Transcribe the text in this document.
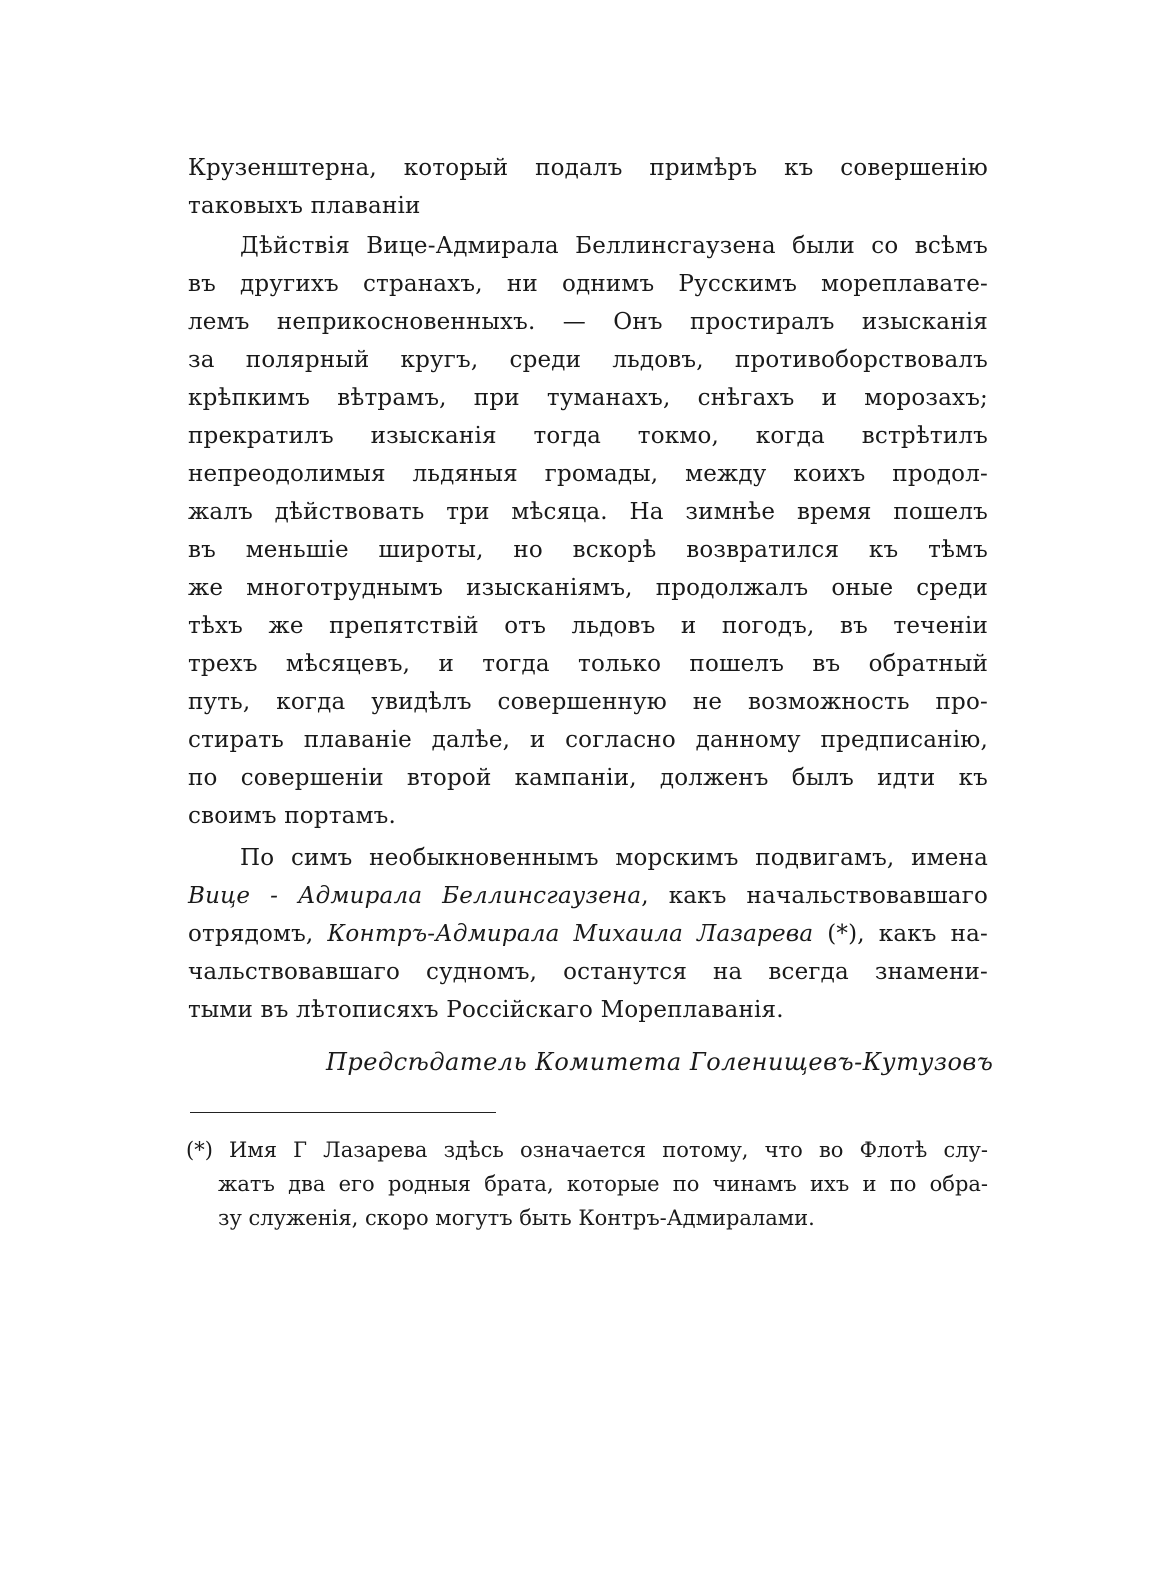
Крузенштерна, который подалъ примѣръ къ совершенію
таковыхъ плаванiи
Дѣйствiя Вице-Адмирала Беллинсгаузена были со всѣмъ
въ другихъ странахъ, ни однимъ Русскимъ мореплавате-
лемъ неприкосновенныхъ. — Онъ простиралъ изысканiя
за полярный кругъ, среди льдовъ, противоборствовалъ
крѣпкимъ вѣтрамъ, при туманахъ, снѣгахъ и морозахъ;
прекратилъ изысканiя тогда токмо, когда встрѣтилъ
непреодолимыя льдяныя громады, между коихъ продол-
жалъ дѣйствовать три мѣсяца. На зимнѣе время пошелъ
въ меньшiе широты, но вскорѣ возвратился къ тѣмъ
же многотруднымъ изысканiямъ, продолжалъ оные среди
тѣхъ же препятствiй отъ льдовъ и погодъ, въ теченiи
трехъ мѣсяцевъ, и тогда только пошелъ въ обратный
путь, когда увидѣлъ совершенную не возможность про-
стирать плаванiе далѣе, и согласно данному предписанiю,
по совершенiи второй кампанiи, долженъ былъ идти къ
своимъ портамъ.
По симъ необыкновеннымъ морскимъ подвигамъ, имена
Вице - Адмирала Беллинсгаузена, какъ начальствовавшаго
отрядомъ, Контръ-Адмирала Михаила Лазарева (*), какъ на-
чальствовавшаго судномъ, останутся на всегда знамени-
тыми въ лѣтописяхъ Россiйскаго Мореплаванiя.
Предсѣдатель Комитета Голенищевъ-Кутузовъ
(*) Имя Г Лазарева здѣсь означается потому, что во Флотѣ слу-
жатъ два его родныя брата, которые по чинамъ ихъ и по обра-
зу служенiя, скоро могутъ быть Контръ-Адмиралами.
